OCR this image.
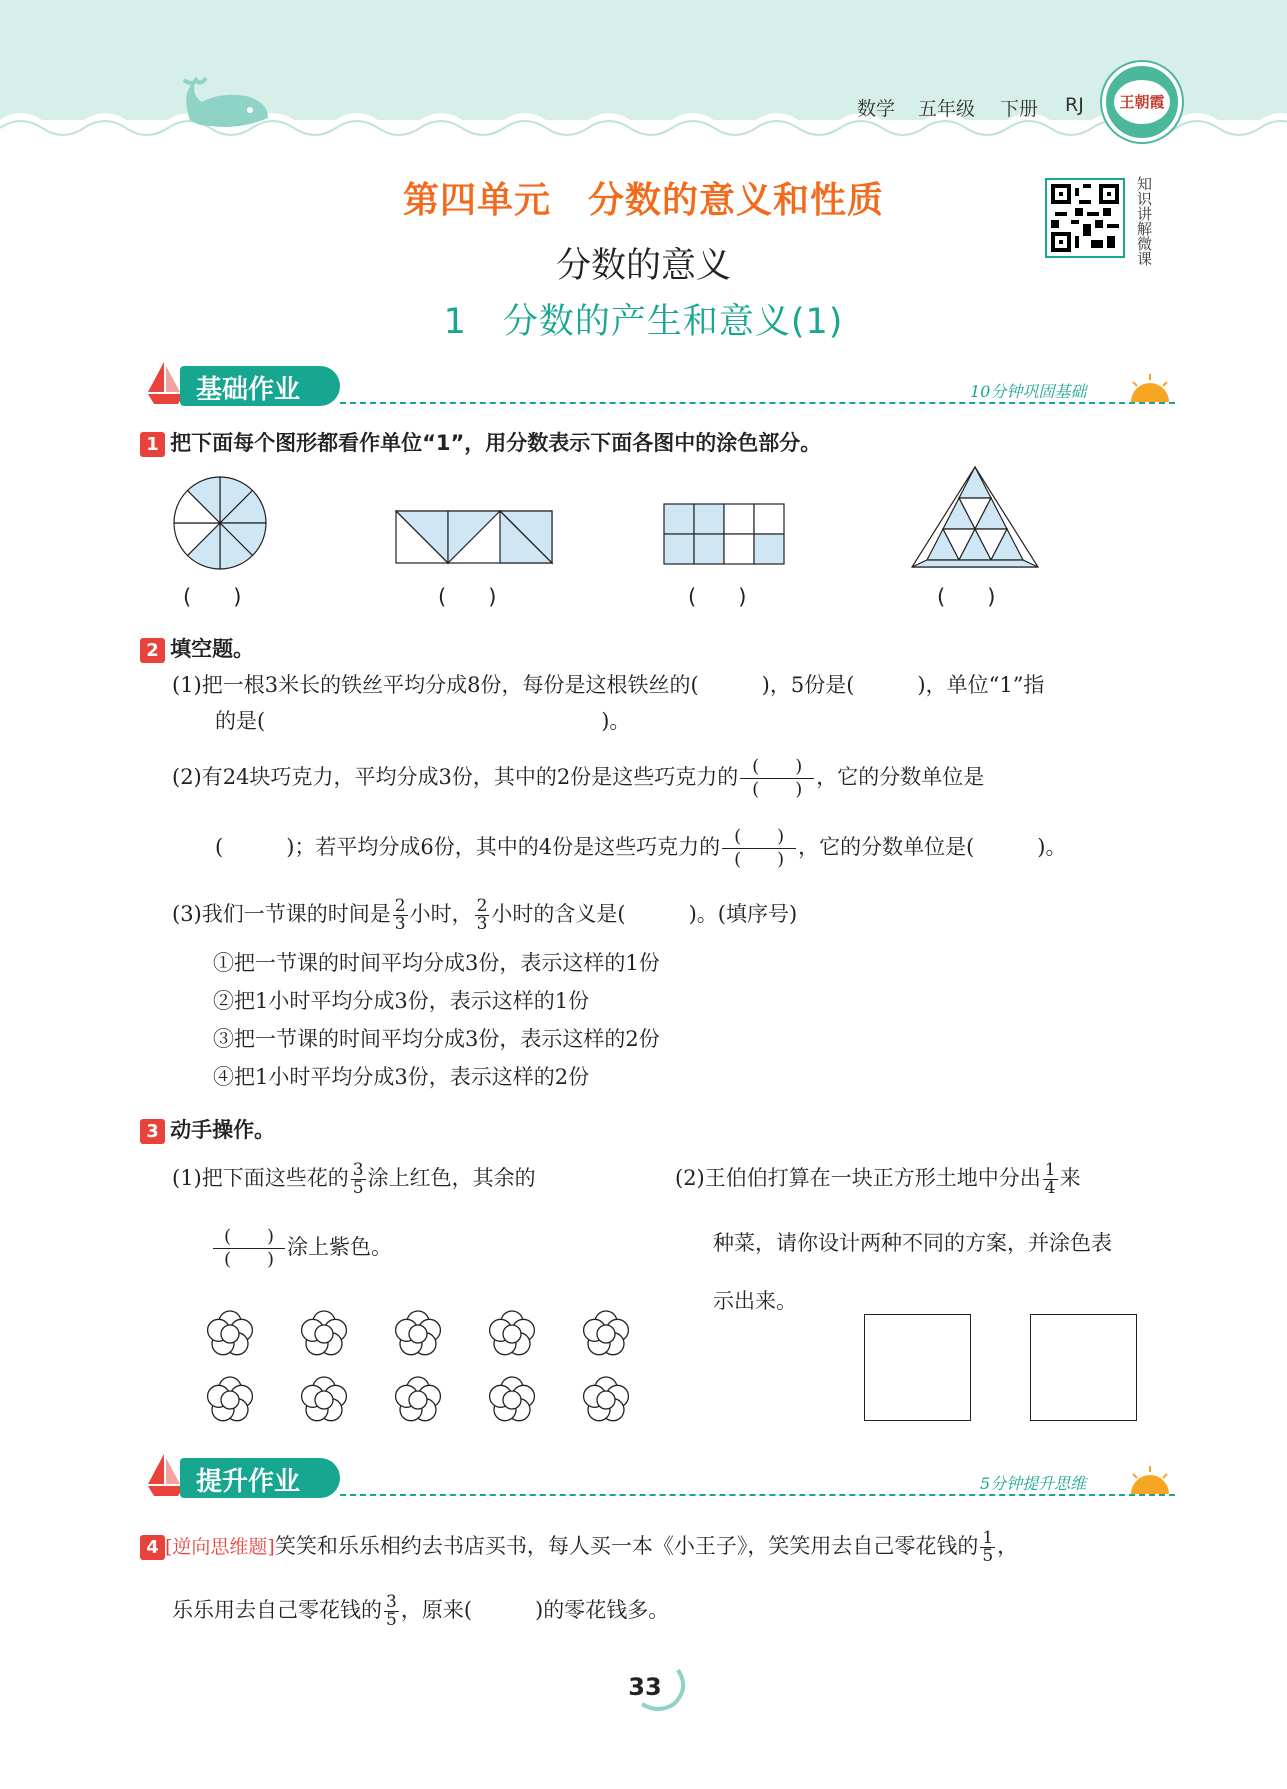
数学 五年级 下册 RJ	王朝霞
第四单元　分数的意义和性质
分数的意义
1　分数的产生和意义(1)
知识讲解微课
基础作业	10分钟巩固基础
1 把下面每个图形都看作单位“1”，用分数表示下面各图中的涂色部分。
(　　)	(　　)	(　　)	(　　)
2 填空题。
(1)把一根3米长的铁丝平均分成8份，每份是这根铁丝的(　　　)，5份是(　　　)，单位“1”指
的是(　　　　　　　　　　　　　　　　)。
(2)有24块巧克力，平均分成3份，其中的2份是这些巧克力的 (　　)
(　　)
，它的分数单位是
(　　　)；若平均分成6份，其中的4份是这些巧克力的 (　　)
(　　)
，它的分数单位是(　　　)。
(3)我们一节课的时间是 $\frac{2}{3}$ 小时， $\frac{2}{3}$ 小时的含义是(　　　)。(填序号)
①把一节课的时间平均分成3份，表示这样的1份
②把1小时平均分成3份，表示这样的1份
③把一节课的时间平均分成3份，表示这样的2份
④把1小时平均分成3份，表示这样的2份
3 动手操作。
(1)把下面这些花的 $\frac{3}{5}$ 涂上红色，其余的
(　　)
(　　)
涂上紫色。
(2)王伯伯打算在一块正方形土地中分出 $\frac{1}{4}$ 来
种菜，请你设计两种不同的方案，并涂色表
示出来。
提升作业	5分钟提升思维
4 [逆向思维题]笑笑和乐乐相约去书店买书，每人买一本《小王子》，笑笑用去自己零花钱的 $\frac{1}{5}$ ，
乐乐用去自己零花钱的 $\frac{3}{5}$ ，原来(　　　)的零花钱多。
33
